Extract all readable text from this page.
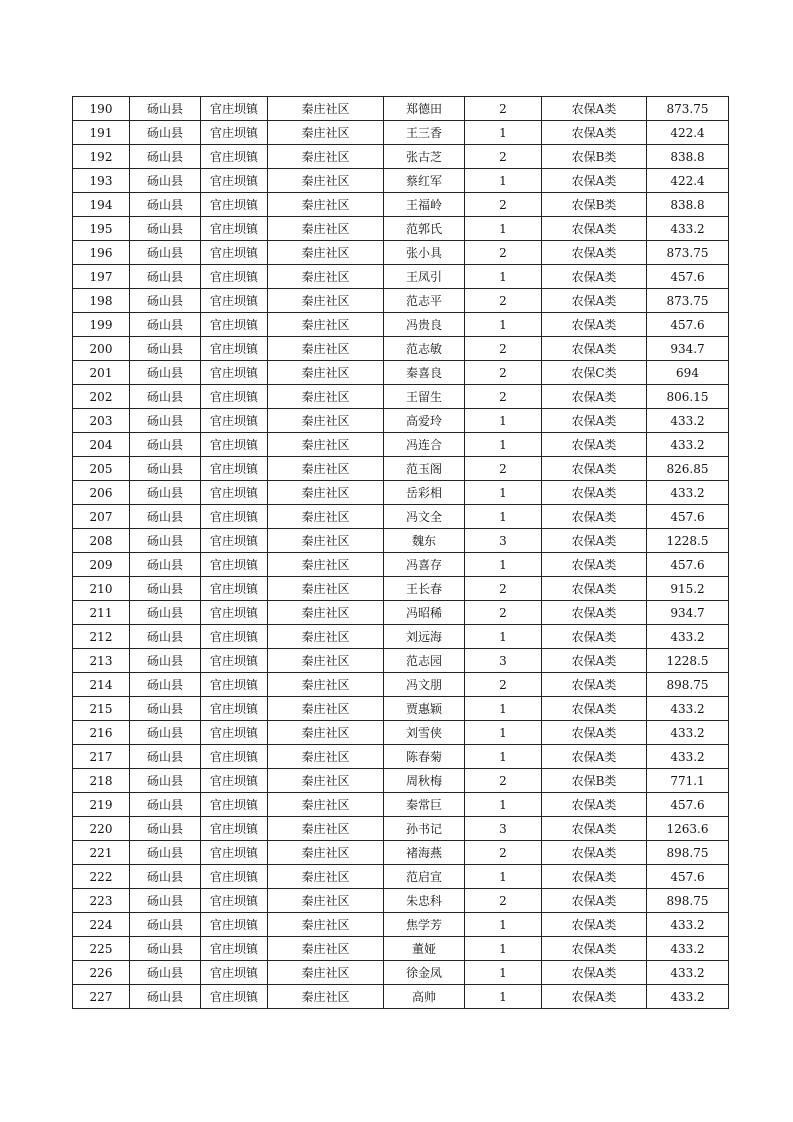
190	砀山县	官庄坝镇	秦庄社区	郑德田	2	农保A类	873.75
191	砀山县	官庄坝镇	秦庄社区	王三香	1	农保A类	422.4
192	砀山县	官庄坝镇	秦庄社区	张古芝	2	农保B类	838.8
193	砀山县	官庄坝镇	秦庄社区	蔡红军	1	农保A类	422.4
194	砀山县	官庄坝镇	秦庄社区	王福岭	2	农保B类	838.8
195	砀山县	官庄坝镇	秦庄社区	范郭氏	1	农保A类	433.2
196	砀山县	官庄坝镇	秦庄社区	张小具	2	农保A类	873.75
197	砀山县	官庄坝镇	秦庄社区	王凤引	1	农保A类	457.6
198	砀山县	官庄坝镇	秦庄社区	范志平	2	农保A类	873.75
199	砀山县	官庄坝镇	秦庄社区	冯贵良	1	农保A类	457.6
200	砀山县	官庄坝镇	秦庄社区	范志敏	2	农保A类	934.7
201	砀山县	官庄坝镇	秦庄社区	秦喜良	2	农保C类	694
202	砀山县	官庄坝镇	秦庄社区	王留生	2	农保A类	806.15
203	砀山县	官庄坝镇	秦庄社区	高爱玲	1	农保A类	433.2
204	砀山县	官庄坝镇	秦庄社区	冯连合	1	农保A类	433.2
205	砀山县	官庄坝镇	秦庄社区	范玉阁	2	农保A类	826.85
206	砀山县	官庄坝镇	秦庄社区	岳彩相	1	农保A类	433.2
207	砀山县	官庄坝镇	秦庄社区	冯文全	1	农保A类	457.6
208	砀山县	官庄坝镇	秦庄社区	魏东	3	农保A类	1228.5
209	砀山县	官庄坝镇	秦庄社区	冯喜存	1	农保A类	457.6
210	砀山县	官庄坝镇	秦庄社区	王长春	2	农保A类	915.2
211	砀山县	官庄坝镇	秦庄社区	冯昭稀	2	农保A类	934.7
212	砀山县	官庄坝镇	秦庄社区	刘远海	1	农保A类	433.2
213	砀山县	官庄坝镇	秦庄社区	范志园	3	农保A类	1228.5
214	砀山县	官庄坝镇	秦庄社区	冯文朋	2	农保A类	898.75
215	砀山县	官庄坝镇	秦庄社区	贾惠颖	1	农保A类	433.2
216	砀山县	官庄坝镇	秦庄社区	刘雪侠	1	农保A类	433.2
217	砀山县	官庄坝镇	秦庄社区	陈春菊	1	农保A类	433.2
218	砀山县	官庄坝镇	秦庄社区	周秋梅	2	农保B类	771.1
219	砀山县	官庄坝镇	秦庄社区	秦常巨	1	农保A类	457.6
220	砀山县	官庄坝镇	秦庄社区	孙书记	3	农保A类	1263.6
221	砀山县	官庄坝镇	秦庄社区	褚海燕	2	农保A类	898.75
222	砀山县	官庄坝镇	秦庄社区	范启宣	1	农保A类	457.6
223	砀山县	官庄坝镇	秦庄社区	朱忠科	2	农保A类	898.75
224	砀山县	官庄坝镇	秦庄社区	焦学芳	1	农保A类	433.2
225	砀山县	官庄坝镇	秦庄社区	董娅	1	农保A类	433.2
226	砀山县	官庄坝镇	秦庄社区	徐金凤	1	农保A类	433.2
227	砀山县	官庄坝镇	秦庄社区	高帅	1	农保A类	433.2
